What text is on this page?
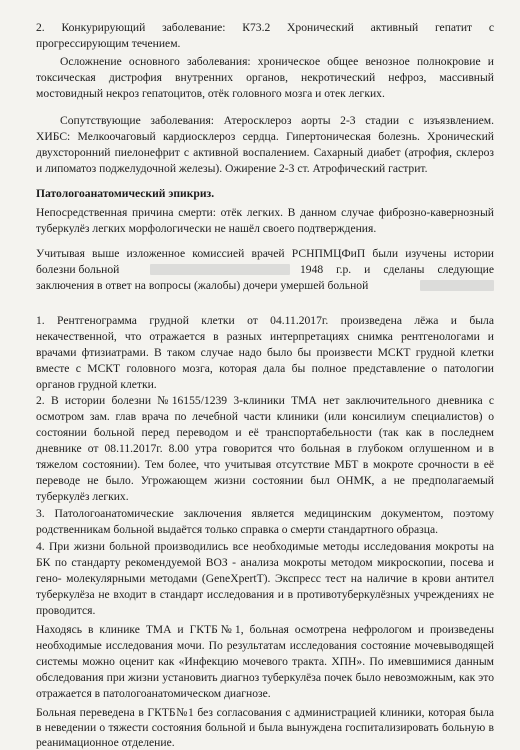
2. Конкурирующий заболевание: К73.2 Хронический активный гепатит с
прогрессирующим течением.
Осложнение основного заболевания: хроническое общее венозное полнокровие и
токсическая дистрофия внутренних органов, некротический нефроз, массивный
мостовидный некроз гепатоцитов, отёк головного мозга и отек легких.
Сопутствующие заболевания: Атеросклероз аорты 2-3 стадии с изъязвлением.
ХИБС: Мелкоочаговый кардиосклероз сердца. Гипертоническая болезнь. Хронический
двухсторонний пиелонефрит с активной воспалением. Сахарный диабет (атрофия, склероз
и липоматоз поджелудочной железы). Ожирение 2-3 ст. Атрофический гастрит.
Патологоанатомический эпикриз.
Непосредственная причина смерти: отёк легких. В данном случае фиброзно-кавернозный
туберкулёз легких морфологически не нашёл своего подтверждения.
Учитывая выше изложенное комиссией врачей РСНПМЦФиП были изучены истории
болезни больной	1948 г.р. и сделаны следующие
заключения в ответ на вопросы (жалобы) дочери умершей больной
1. Рентгенограмма грудной клетки от 04.11.2017г. произведена лёжа и была
некачественной, что отражается в разных интерпретациях снимка рентгенологами и
врачами фтизиатрами. В таком случае надо было бы произвести МСКТ грудной клетки
вместе с МСКТ головного мозга, которая дала бы полное представление о патологии
органов грудной клетки.
2. В истории болезни №16155/1239 3-клиники ТМА нет заключительного дневника с
осмотром зам. глав врача по лечебной части клиники (или консилиум специалистов) о
состоянии больной перед переводом и её транспортабельности (так как в последнем
дневнике от 08.11.2017г. 8.00 утра говорится что больная в глубоком оглушенном и в
тяжелом состоянии). Тем более, что учитывая отсутствие МБТ в мокроте срочности в её
переводе не было. Угрожающем жизни состоянии был ОНМК, а не предполагаемый
туберкулёз легких.
3. Патологоанатомические заключения является медицинским документом, поэтому
родственникам больной выдаётся только справка о смерти стандартного образца.
4. При жизни больной производились все необходимые методы исследования мокроты на
БК по стандарту рекомендуемой ВОЗ - анализа мокроты методом микроскопии, посева и
гено- молекулярными методами (GeneXpertT). Экспресс тест на наличие в крови антител
туберкулёза не входит в стандарт исследования и в противотуберкулёзных учреждениях не
проводится.
Находясь в клинике ТМА и ГКТБ№1, больная осмотрена нефрологом и произведены
необходимые исследования мочи. По результатам исследования состояние мочевыводящей
системы можно оценит как «Инфекцию мочевого тракта. ХПН». По имевшимися данным
обследования при жизни установить диагноз туберкулёза почек было невозможным, как это
отражается в патологоанатомическом диагнозе.
Больная переведена в ГКТБ№1 без согласования с администрацией клиники, которая была
в неведении о тяжести состояния больной и была вынуждена госпитализировать больную в
реанимационное отделение.
